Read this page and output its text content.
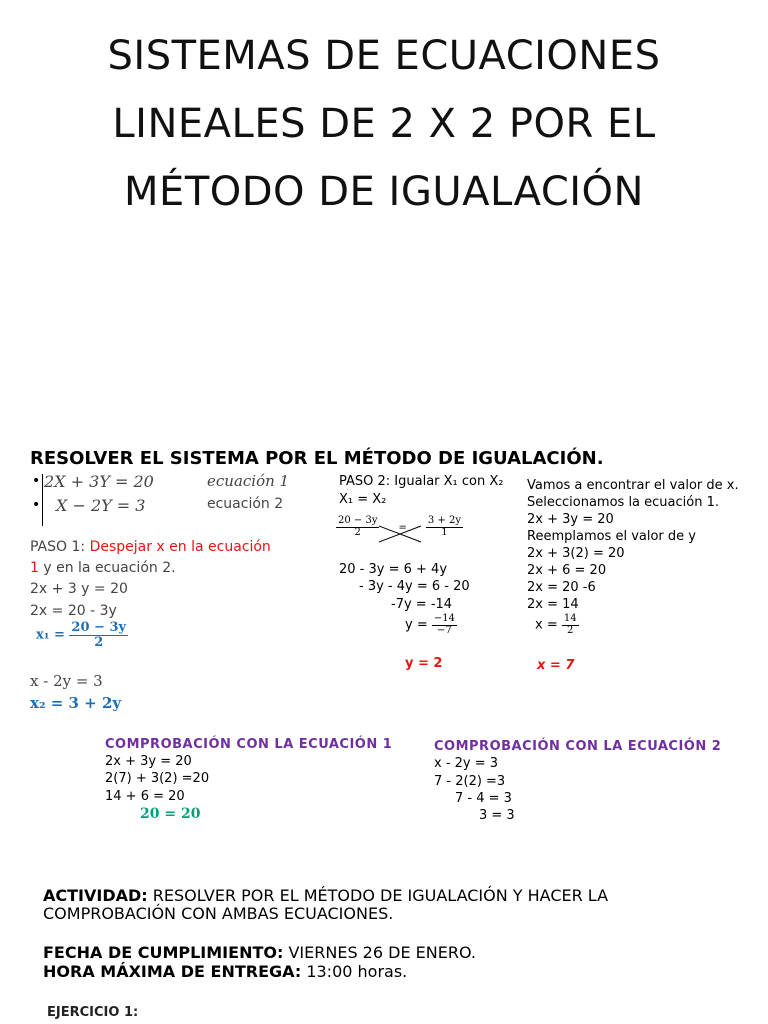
SISTEMAS DE ECUACIONES
LINEALES DE 2 X 2 POR EL
MÉTODO DE IGUALACIÓN
RESOLVER EL SISTEMA POR EL MÉTODO DE IGUALACIÓN.
•
•
2X + 3Y = 20	ecuación 1
X − 2Y = 3	ecuación 2
PASO 1: Despejar x en la ecuación
1 y en la ecuación 2.
2x + 3 y = 20
2x = 20 - 3y
$x_1 = \frac{20 - 3y}{2}$
x - 2y = 3
x₂ = 3 + 2y
PASO 2: Igualar X₁ con X₂
X₁ = X₂
$\frac{20 - 3y}{2} = \frac{3 + 2y}{1}$
20 - 3y = 6 + 4y
- 3y - 4y = 6 - 20
-7y = -14
$y = \frac{-14}{-7}$
y = 2
Vamos a encontrar el valor de x.
Seleccionamos la ecuación 1.
2x + 3y = 20
Reemplamos el valor de y
2x + 3(2) = 20
2x + 6 = 20
2x = 20 -6
2x = 14
$x = \frac{14}{2}$
x = 7
COMPROBACIÓN CON LA ECUACIÓN 1
2x + 3y = 20
2(7) + 3(2) =20
14 + 6 = 20
20 = 20
COMPROBACIÓN CON LA ECUACIÓN 2
x - 2y = 3
7 - 2(2) =3
7 - 4 = 3
3 = 3
ACTIVIDAD: RESOLVER POR EL MÉTODO DE IGUALACIÓN Y HACER LA
COMPROBACIÓN CON AMBAS ECUACIONES.
FECHA DE CUMPLIMIENTO: VIERNES 26 DE ENERO.
HORA MÁXIMA DE ENTREGA: 13:00 horas.
EJERCICIO 1:
